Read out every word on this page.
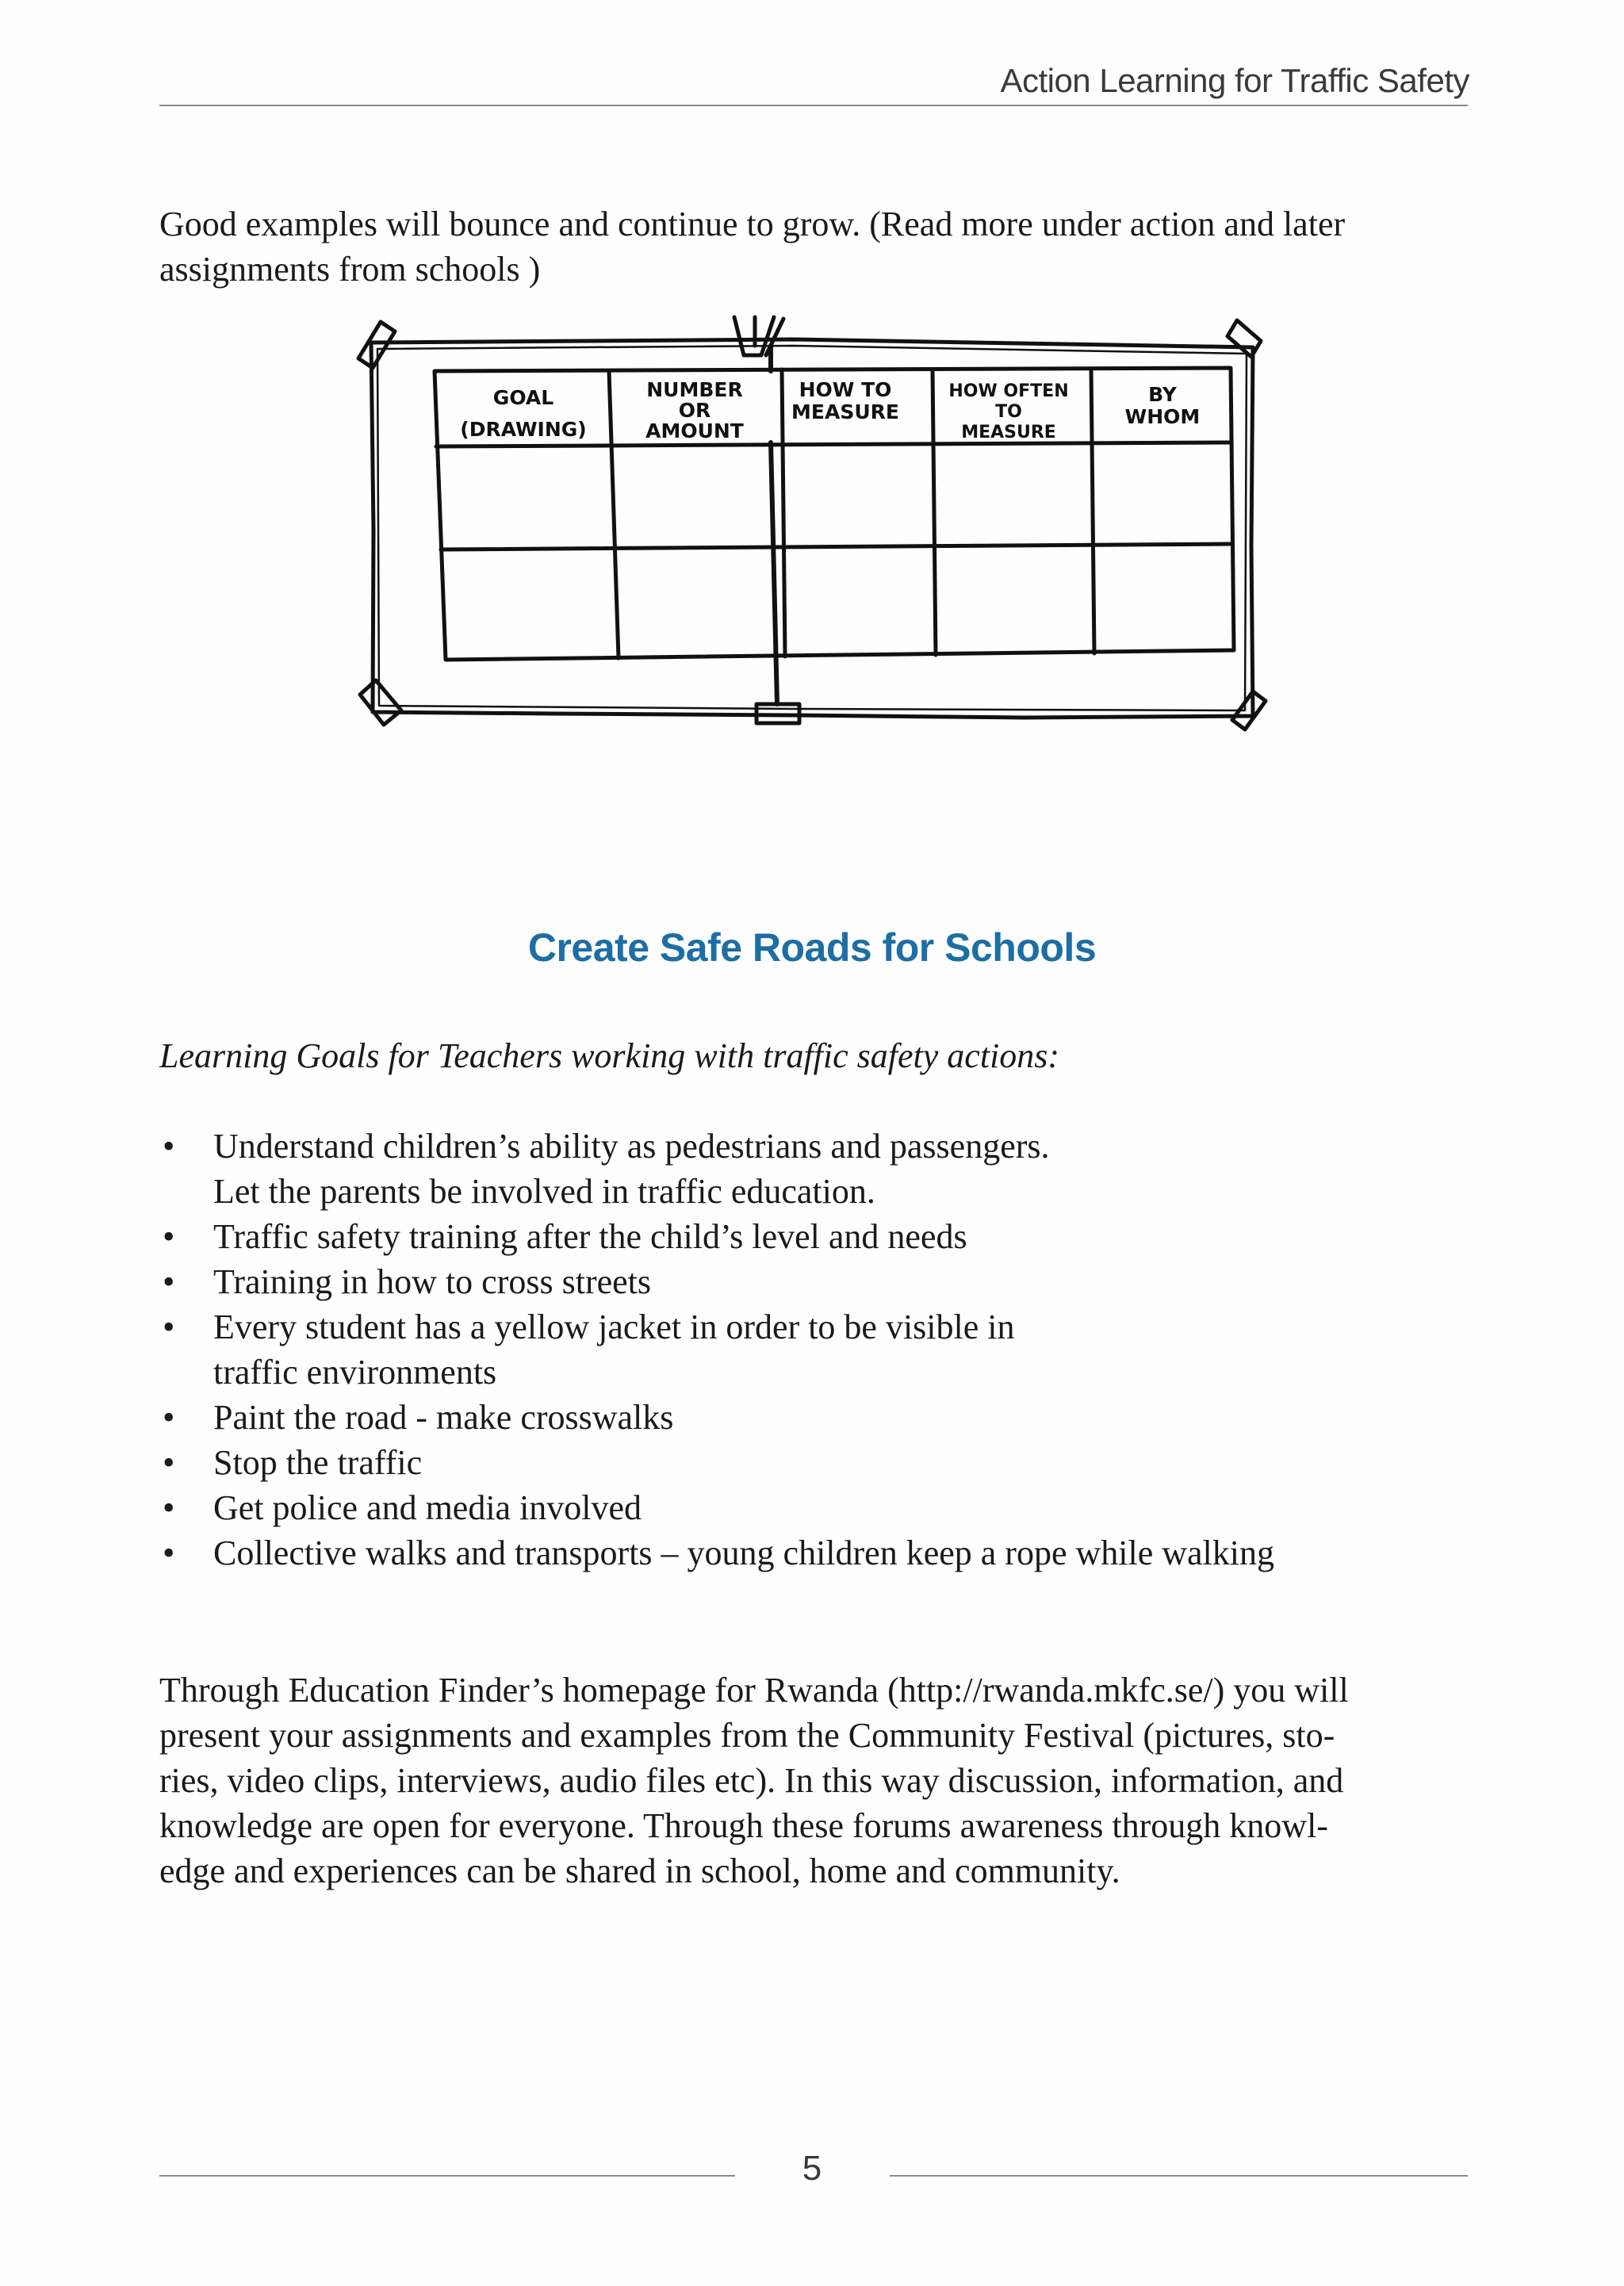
Action Learning for Traffic Safety

Good examples will bounce and continue to grow. (Read more under action and later
assignments from schools )

GOAL
(DRAWING)
NUMBER
OR
AMOUNT
HOW TO
MEASURE
HOW OFTEN
TO
MEASURE
BY
WHOM
Create Safe Roads for Schools

Learning Goals for Teachers working with traffic safety actions:

• Understand children’s ability as pedestrians and passengers.
Let the parents be involved in traffic education.
• Traffic safety training after the child’s level and needs
• Training in how to cross streets
• Every student has a yellow jacket in order to be visible in
traffic environments
• Paint the road - make crosswalks
• Stop the traffic
• Get police and media involved
• Collective walks and transports – young children keep a rope while walking

Through Education Finder’s homepage for Rwanda (http://rwanda.mkfc.se/) you will
present your assignments and examples from the Community Festival (pictures, sto-
ries, video clips, interviews, audio files etc). In this way discussion, information, and
knowledge are open for everyone. Through these forums awareness through knowl-
edge and experiences can be shared in school, home and community.

5
